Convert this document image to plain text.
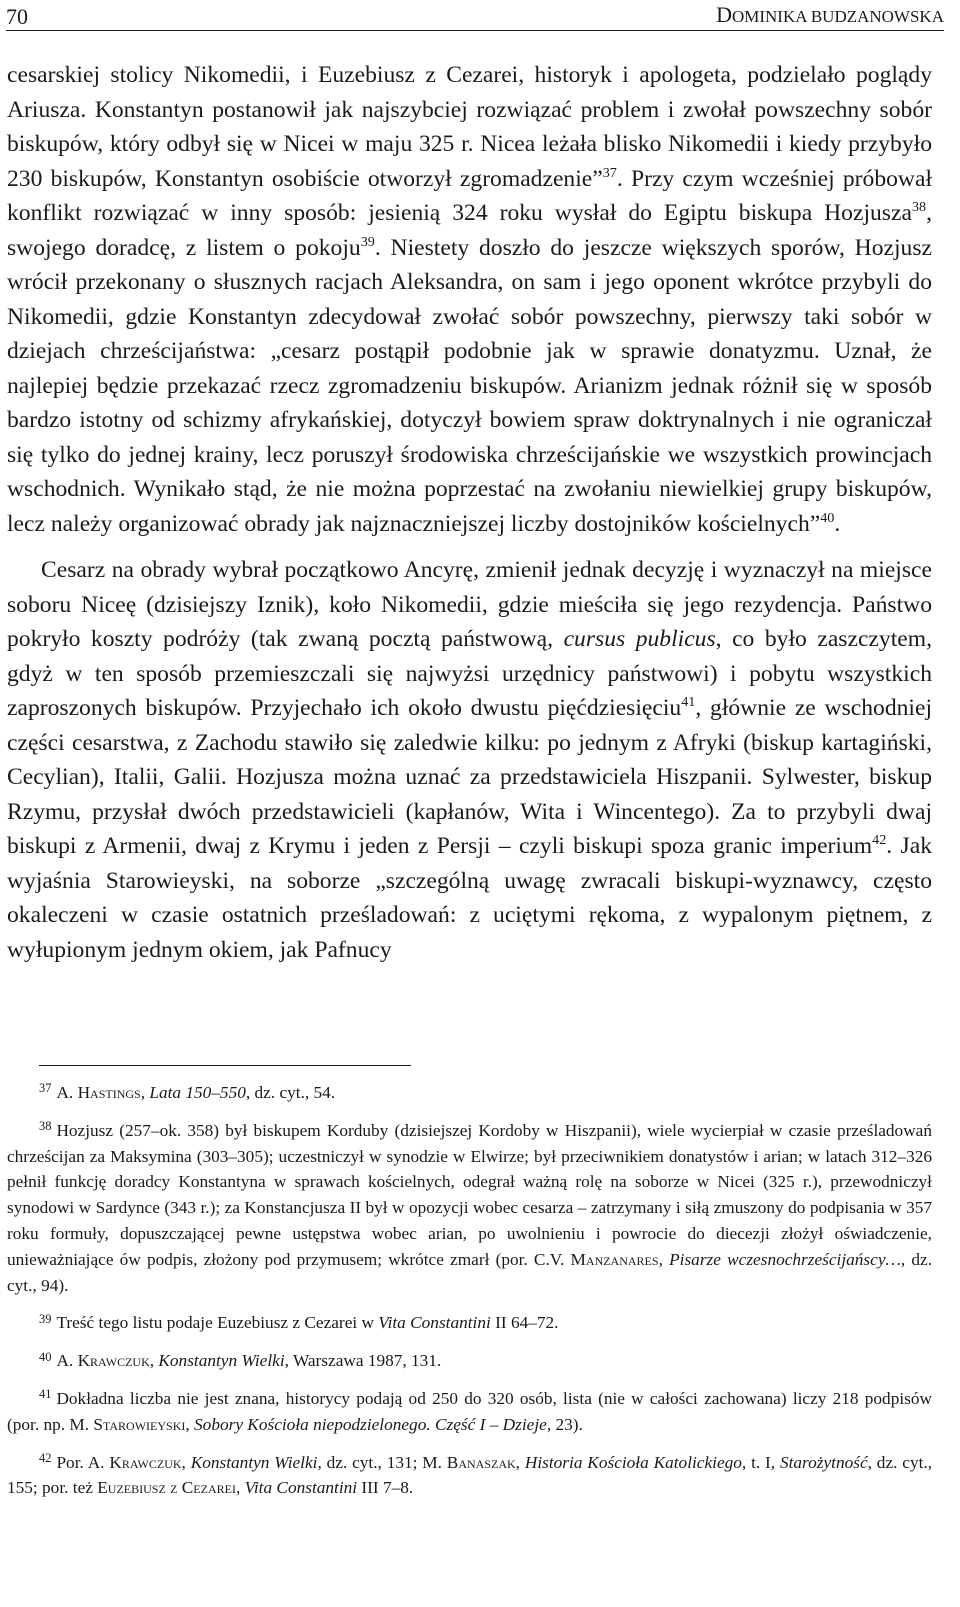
70	DOMINIKA BUDZANOWSKA

cesarskiej stolicy Nikomedii, i Euzebiusz z Cezarei, historyk i apologeta, podzielało poglądy Ariusza. Konstantyn postanowił jak najszybciej rozwiązać problem i zwołał powszechny sobór biskupów, który odbył się w Nicei w maju 325 r. Nicea leżała blisko Nikomedii i kiedy przybyło 230 biskupów, Konstantyn osobiście otworzył zgromadzenie”$^{37}$. Przy czym wcześniej próbował konflikt rozwiązać w inny sposób: jesienią 324 roku wysłał do Egiptu biskupa Hozjusza$^{38}$, swojego doradcę, z listem o pokoju$^{39}$. Niestety doszło do jeszcze większych sporów, Hozjusz wrócił przekonany o słusznych racjach Aleksandra, on sam i jego oponent wkrótce przybyli do Nikomedii, gdzie Konstantyn zdecydował zwołać sobór powszechny, pierwszy taki sobór w dziejach chrześcijaństwa: „cesarz postąpił podobnie jak w sprawie donatyzmu. Uznał, że najlepiej będzie przekazać rzecz zgromadzeniu biskupów. Arianizm jednak różnił się w sposób bardzo istotny od schizmy afrykańskiej, dotyczył bowiem spraw doktrynalnych i nie ograniczał się tylko do jednej krainy, lecz poruszył środowiska chrześcijańskie we wszystkich prowincjach wschodnich. Wynikało stąd, że nie można poprzestać na zwołaniu niewielkiej grupy biskupów, lecz należy organizować obrady jak najznaczniejszej liczby dostojników kościelnych”$^{40}$.

Cesarz na obrady wybrał początkowo Ancyrę, zmienił jednak decyzję i wyznaczył na miejsce soboru Niceę (dzisiejszy Iznik), koło Nikomedii, gdzie mieściła się jego rezydencja. Państwo pokryło koszty podróży (tak zwaną pocztą państwową, cursus publicus, co było zaszczytem, gdyż w ten sposób przemieszczali się najwyżsi urzędnicy państwowi) i pobytu wszystkich zaproszonych biskupów. Przyjechało ich około dwustu pięćdziesięciu$^{41}$, głównie ze wschodniej części cesarstwa, z Zachodu stawiło się zaledwie kilku: po jednym z Afryki (biskup kartagiński, Cecylian), Italii, Galii. Hozjusza można uznać za przedstawiciela Hiszpanii. Sylwester, biskup Rzymu, przysłał dwóch przedstawicieli (kapłanów, Wita i Wincentego). Za to przybyli dwaj biskupi z Armenii, dwaj z Krymu i jeden z Persji – czyli biskupi spoza granic imperium$^{42}$. Jak wyjaśnia Starowieyski, na soborze „szczególną uwagę zwracali biskupi-wyznawcy, często okaleczeni w czasie ostatnich prześladowań: z uciętymi rękoma, z wypalonym piętnem, z wyłupionym jednym okiem, jak Pafnucy

$^{37}$ A. Hastings, Lata 150–550, dz. cyt., 54.

$^{38}$ Hozjusz (257–ok. 358) był biskupem Korduby (dzisiejszej Kordoby w Hiszpanii), wiele wycierpiał w czasie prześladowań chrześcijan za Maksymina (303–305); uczestniczył w synodzie w Elwirze; był przeciwnikiem donatystów i arian; w latach 312–326 pełnił funkcję doradcy Konstantyna w sprawach kościelnych, odegrał ważną rolę na soborze w Nicei (325 r.), przewodniczył synodowi w Sardynce (343 r.); za Konstancjusza II był w opozycji wobec cesarza – zatrzymany i siłą zmuszony do podpisania w 357 roku formuły, dopuszczającej pewne ustępstwa wobec arian, po uwolnieniu i powrocie do diecezji złożył oświadczenie, unieważniające ów podpis, złożony pod przymusem; wkrótce zmarł (por. C.V. Manzanares, Pisarze wczesnochrześcijańscy…, dz. cyt., 94).

$^{39}$ Treść tego listu podaje Euzebiusz z Cezarei w Vita Constantini II 64–72.

$^{40}$ A. Krawczuk, Konstantyn Wielki, Warszawa 1987, 131.

$^{41}$ Dokładna liczba nie jest znana, historycy podają od 250 do 320 osób, lista (nie w całości zachowana) liczy 218 podpisów (por. np. M. Starowieyski, Sobory Kościoła niepodzielonego. Część I – Dzieje, 23).

$^{42}$ Por. A. Krawczuk, Konstantyn Wielki, dz. cyt., 131; M. Banaszak, Historia Kościoła Katolickiego, t. I, Starożytność, dz. cyt., 155; por. też Euzebiusz z Cezarei, Vita Constantini III 7–8.
